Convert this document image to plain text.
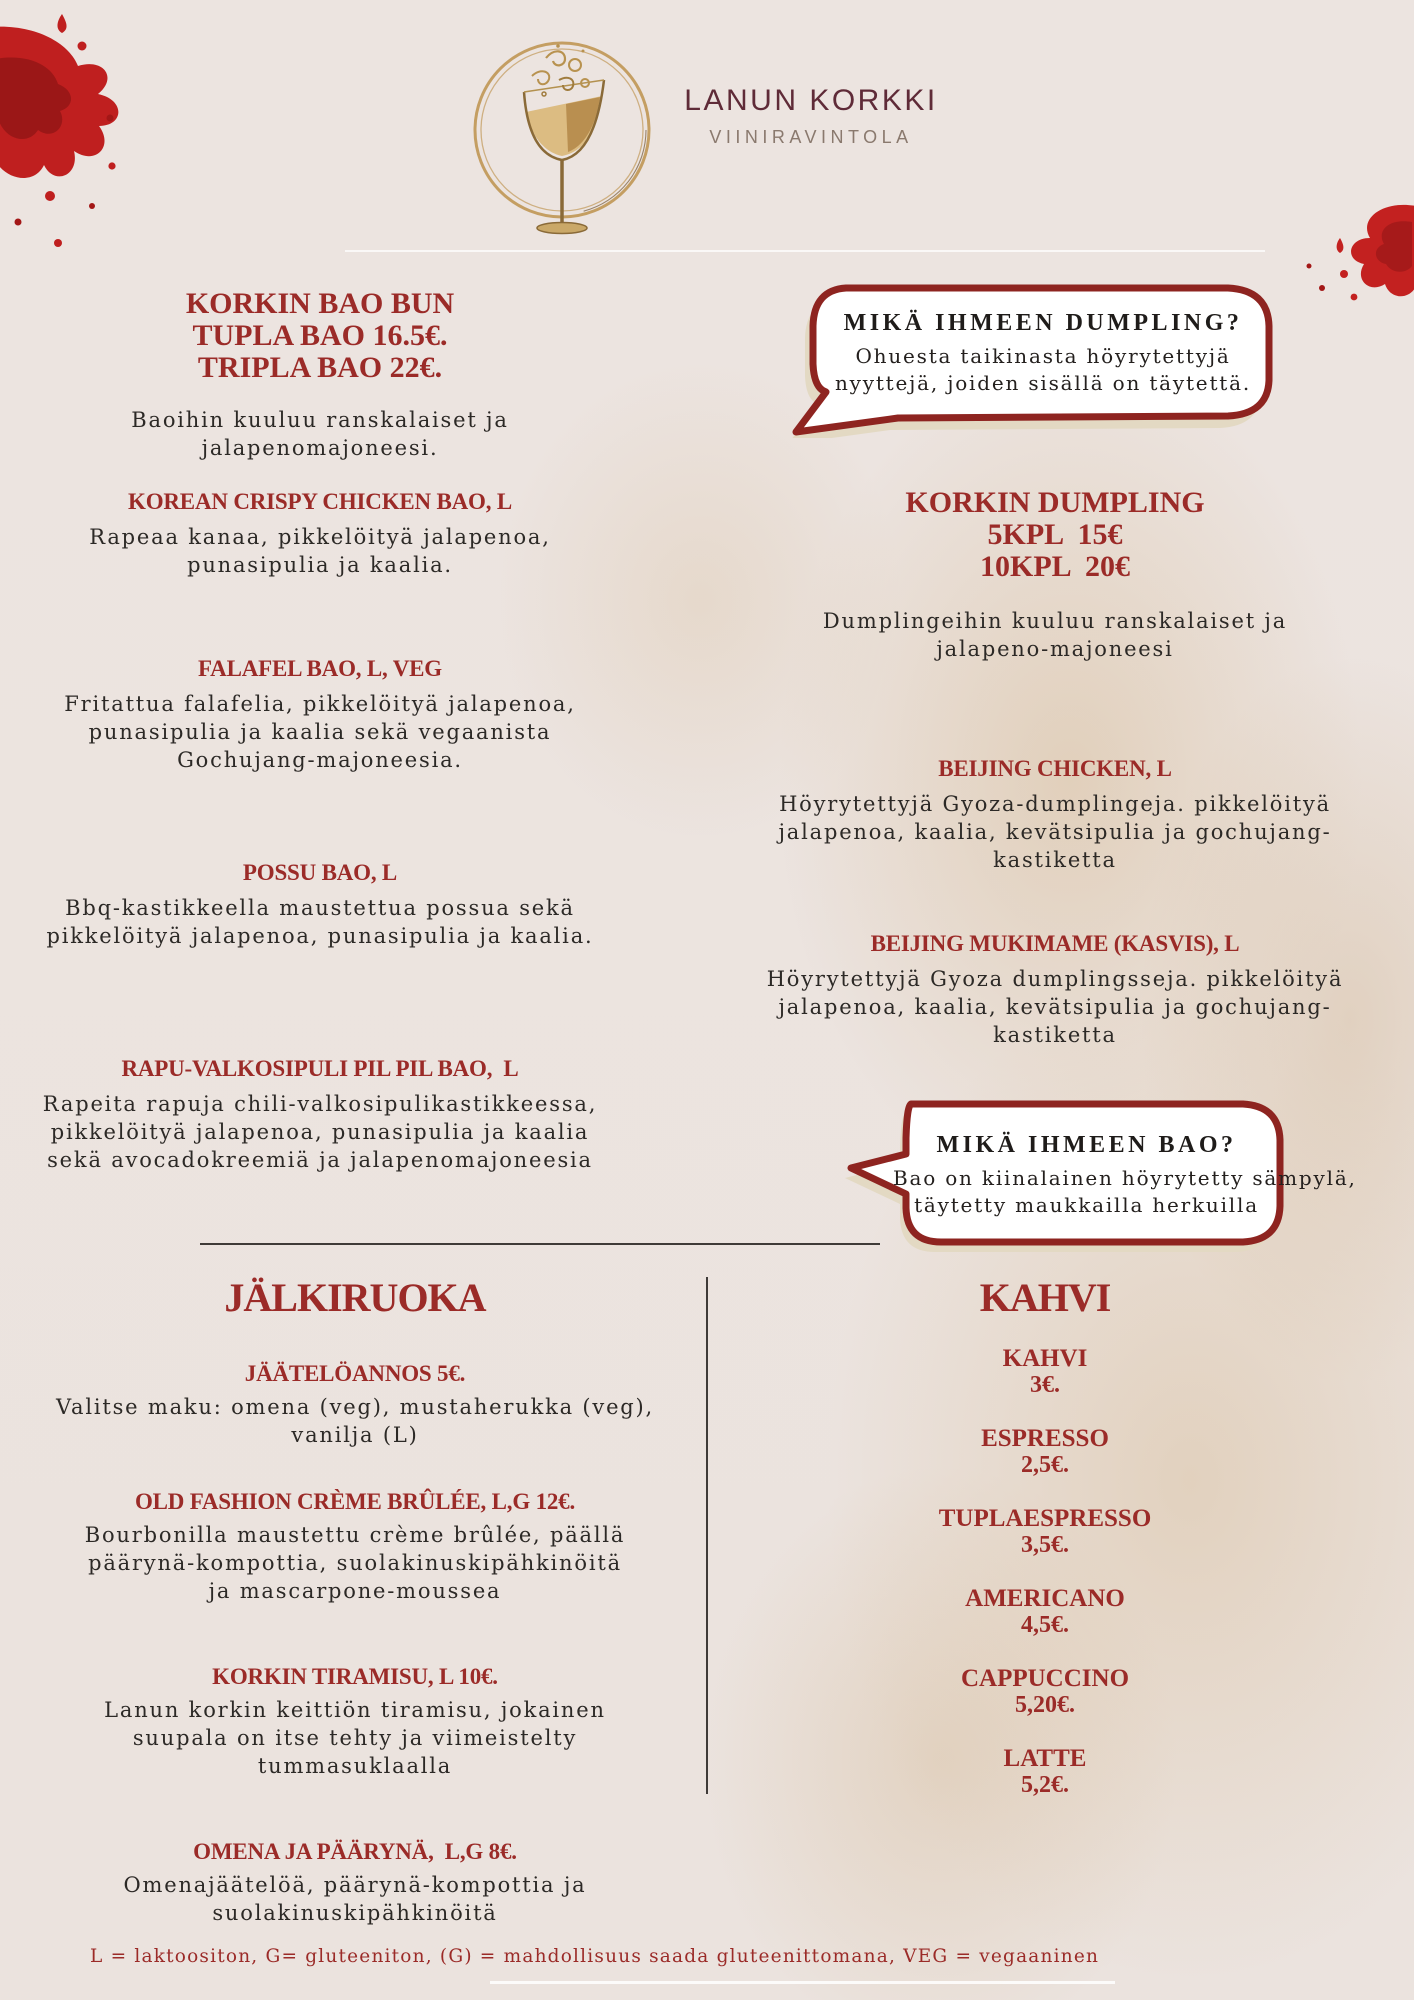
LANUN KORKKI
VIINIRAVINTOLA
KORKIN BAO BUN
TUPLA BAO 16.5€.
TRIPLA BAO 22€.
Baoihin kuuluu ranskalaiset ja
jalapenomajoneesi.
KOREAN CRISPY CHICKEN BAO, L
Rapeaa kanaa, pikkelöityä jalapenoa,
punasipulia ja kaalia.
FALAFEL BAO, L, VEG
Fritattua falafelia, pikkelöityä jalapenoa,
punasipulia ja kaalia sekä vegaanista
Gochujang-majoneesia.
POSSU BAO, L
Bbq-kastikkeella maustettua possua sekä
pikkelöityä jalapenoa, punasipulia ja kaalia.
RAPU-VALKOSIPULI PIL PIL BAO,  L
Rapeita rapuja chili-valkosipulikastikkeessa,
pikkelöityä jalapenoa, punasipulia ja kaalia
sekä avocadokreemiä ja jalapenomajoneesia
MIKÄ IHMEEN DUMPLING?
Ohuesta taikinasta höyrytettyjä
nyyttejä, joiden sisällä on täytettä.
KORKIN DUMPLING
5KPL  15€
10KPL  20€
Dumplingeihin kuuluu ranskalaiset ja
jalapeno-majoneesi
BEIJING CHICKEN, L
Höyrytettyjä Gyoza-dumplingeja. pikkelöityä
jalapenoa, kaalia, kevätsipulia ja gochujang-
kastiketta
BEIJING MUKIMAME (KASVIS), L
Höyrytettyjä Gyoza dumplingsseja. pikkelöityä
jalapenoa, kaalia, kevätsipulia ja gochujang-
kastiketta
MIKÄ IHMEEN BAO?
Bao on kiinalainen höyrytetty sämpylä,
täytetty maukkailla herkuilla
JÄLKIRUOKA
JÄÄTELÖANNOS 5€.
Valitse maku: omena (veg), mustaherukka (veg),
vanilja (L)
OLD FASHION CRÈME BRÛLÉE, L,G 12€.
Bourbonilla maustettu crème brûlée, päällä
päärynä-kompottia, suolakinuskipähkinöitä
ja mascarpone-moussea
KORKIN TIRAMISU, L 10€.
Lanun korkin keittiön tiramisu, jokainen
suupala on itse tehty ja viimeistelty
tummasuklaalla
OMENA JA PÄÄRYNÄ,  L,G 8€.
Omenajäätelöä, päärynä-kompottia ja
suolakinuskipähkinöitä
KAHVI
KAHVI
3€.
ESPRESSO
2,5€.
TUPLAESPRESSO
3,5€.
AMERICANO
4,5€.
CAPPUCCINO
5,20€.
LATTE
5,2€.
L = laktoositon, G= gluteeniton, (G) = mahdollisuus saada gluteenittomana, VEG = vegaaninen
